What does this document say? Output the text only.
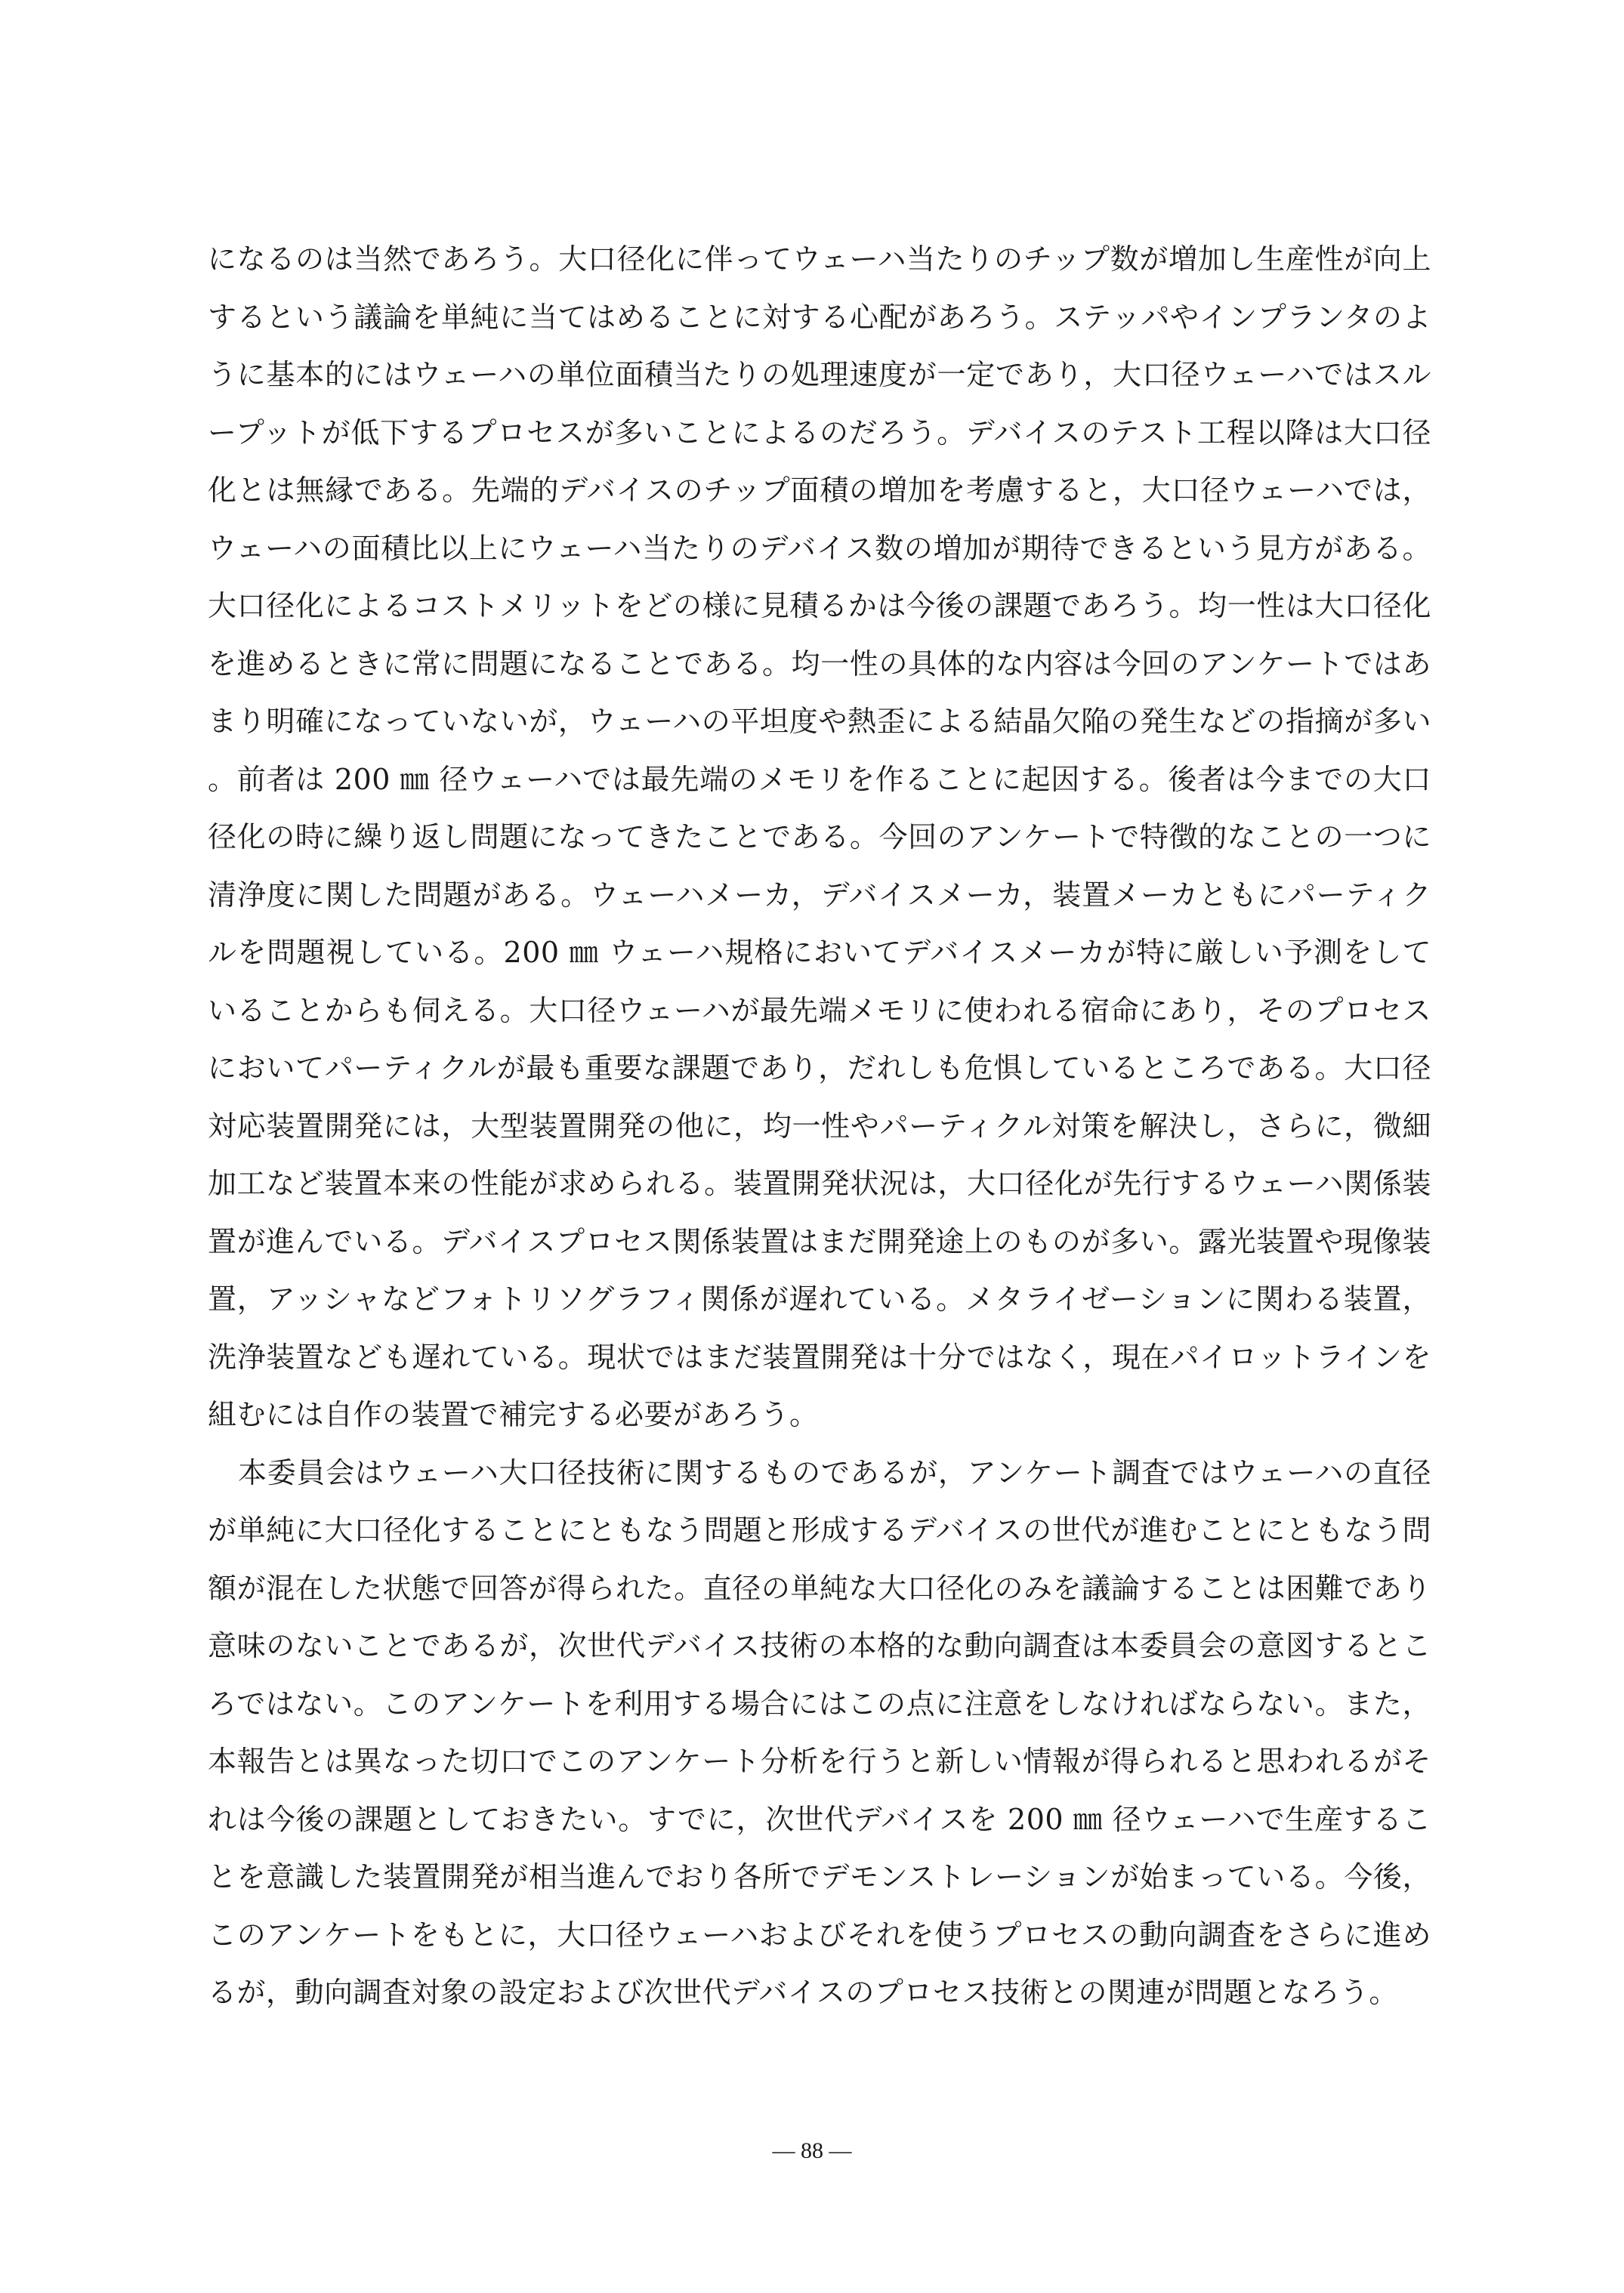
になるのは当然であろう。大口径化に伴ってウェーハ当たりのチップ数が増加し生産性が向上するという議論を単純に当てはめることに対する心配があろう。ステッパやインプランタのように基本的にはウェーハの単位面積当たりの処理速度が一定であり，大口径ウェーハではスループットが低下するプロセスが多いことによるのだろう。デバイスのテスト工程以降は大口径化とは無縁である。先端的デバイスのチップ面積の増加を考慮すると，大口径ウェーハでは，ウェーハの面積比以上にウェーハ当たりのデバイス数の増加が期待できるという見方がある。大口径化によるコストメリットをどの様に見積るかは今後の課題であろう。均一性は大口径化を進めるときに常に問題になることである。均一性の具体的な内容は今回のアンケートではあまり明確になっていないが，ウェーハの平坦度や熱歪による結晶欠陥の発生などの指摘が多い。前者は 200 ㎜ 径ウェーハでは最先端のメモリを作ることに起因する。後者は今までの大口径化の時に繰り返し問題になってきたことである。今回のアンケートで特徴的なことの一つに清浄度に関した問題がある。ウェーハメーカ，デバイスメーカ，装置メーカともにパーティクルを問題視している。200 ㎜ ウェーハ規格においてデバイスメーカが特に厳しい予測をしていることからも伺える。大口径ウェーハが最先端メモリに使われる宿命にあり，そのプロセスにおいてパーティクルが最も重要な課題であり，だれしも危惧しているところである。大口径対応装置開発には，大型装置開発の他に，均一性やパーティクル対策を解決し，さらに，微細加工など装置本来の性能が求められる。装置開発状況は，大口径化が先行するウェーハ関係装置が進んでいる。デバイスプロセス関係装置はまだ開発途上のものが多い。露光装置や現像装置，アッシャなどフォトリソグラフィ関係が遅れている。メタライゼーションに関わる装置，洗浄装置なども遅れている。現状ではまだ装置開発は十分ではなく，現在パイロットラインを組むには自作の装置で補完する必要があろう。

本委員会はウェーハ大口径技術に関するものであるが，アンケート調査ではウェーハの直径が単純に大口径化することにともなう問題と形成するデバイスの世代が進むことにともなう問額が混在した状態で回答が得られた。直径の単純な大口径化のみを議論することは困難であり意味のないことであるが，次世代デバイス技術の本格的な動向調査は本委員会の意図するところではない。このアンケートを利用する場合にはこの点に注意をしなければならない。また，本報告とは異なった切口でこのアンケート分析を行うと新しい情報が得られると思われるがそれは今後の課題としておきたい。すでに，次世代デバイスを 200 ㎜ 径ウェーハで生産することを意識した装置開発が相当進んでおり各所でデモンストレーションが始まっている。今後，このアンケートをもとに，大口径ウェーハおよびそれを使うプロセスの動向調査をさらに進めるが，動向調査対象の設定および次世代デバイスのプロセス技術との関連が問題となろう。

— 88 —
